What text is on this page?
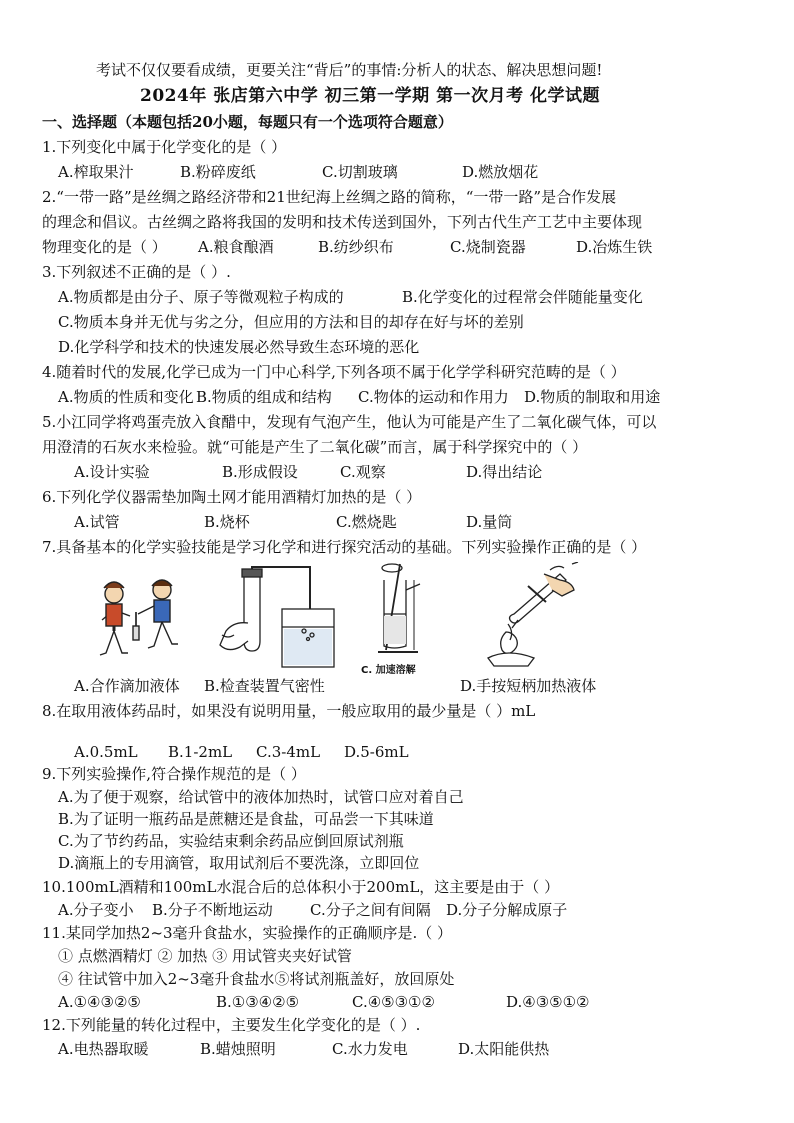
考试不仅仅要看成绩，更要关注“背后”的事情:分析人的状态、解决思想问题!
2024年 张店第六中学 初三第一学期 第一次月考 化学试题
一、选择题（本题包括20小题，每题只有一个选项符合题意）
1.下列变化中属于化学变化的是（ ）
A.榨取果汁	B.粉碎废纸	C.切割玻璃	D.燃放烟花
2.“一带一路”是丝绸之路经济带和21世纪海上丝绸之路的简称，“一带一路”是合作发展
的理念和倡议。古丝绸之路将我国的发明和技术传送到国外，下列古代生产工艺中主要体现
物理变化的是（ ） A.粮食酿酒	B.纺纱织布	C.烧制瓷器	D.冶炼生铁
3.下列叙述不正确的是（ ）.
A.物质都是由分子、原子等微观粒子构成的	B.化学变化的过程常会伴随能量变化
C.物质本身并无优与劣之分，但应用的方法和目的却存在好与坏的差别
D.化学科学和技术的快速发展必然导致生态环境的恶化
4.随着时代的发展,化学已成为一门中心科学,下列各项不属于化学学科研究范畴的是（ ）
A.物质的性质和变化 B.物质的组成和结构 C.物体的运动和作用力 D.物质的制取和用途
5.小江同学将鸡蛋壳放入食醋中，发现有气泡产生，他认为可能是产生了二氧化碳气体，可以
用澄清的石灰水来检验。就“可能是产生了二氧化碳”而言，属于科学探究中的（ ）
A.设计实验	B.形成假设	C.观察	D.得出结论
6.下列化学仪器需垫加陶土网才能用酒精灯加热的是（ ）
A.试管	B.烧杯	C.燃烧匙	D.量筒
7.具备基本的化学实验技能是学习化学和进行探究活动的基础。下列实验操作正确的是（ ）
C. 加速溶解
A.合作滴加液体 B.检查装置气密性	D.手按短柄加热液体
8.在取用液体药品时，如果没有说明用量，一般应取用的最少量是（ ）mL
A.0.5mL B.1-2mL C.3-4mL D.5-6mL
9.下列实验操作,符合操作规范的是（ ）
A.为了便于观察，给试管中的液体加热时，试管口应对着自己
B.为了证明一瓶药品是蔗糖还是食盐，可品尝一下其味道
C.为了节约药品，实验结束剩余药品应倒回原试剂瓶
D.滴瓶上的专用滴管，取用试剂后不要洗涤，立即回位
10.100mL酒精和100mL水混合后的总体积小于200mL，这主要是由于（ ）
A.分子变小 B.分子不断地运动 C.分子之间有间隔 D.分子分解成原子
11.某同学加热2~3毫升食盐水，实验操作的正确顺序是.（ ）
① 点燃酒精灯 ② 加热 ③ 用试管夹夹好试管
④ 往试管中加入2~3毫升食盐水⑤将试剂瓶盖好，放回原处
A.①④③②⑤	B.①③④②⑤	C.④⑤③①②	D.④③⑤①②
12.下列能量的转化过程中，主要发生化学变化的是（ ）.
A.电热器取暖	B.蜡烛照明	C.水力发电	D.太阳能供热
